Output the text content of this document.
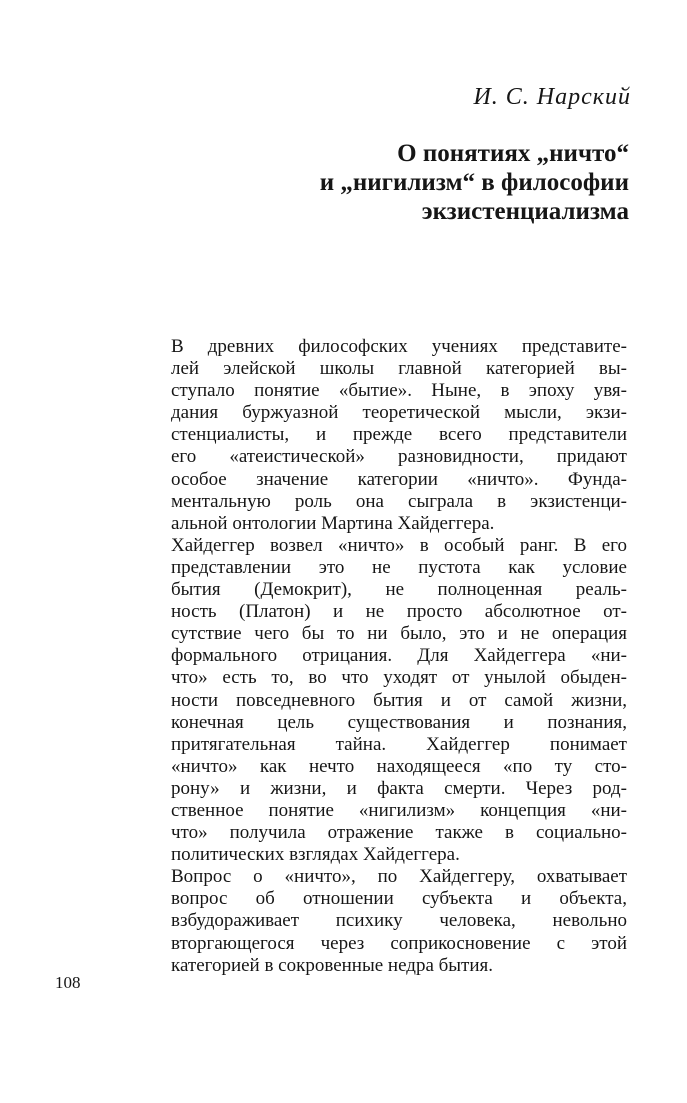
И. С. Нарский
О понятиях „ничто“
и „нигилизм“ в философии
экзистенциализма

В древних философских учениях представите-
лей элейской школы главной категорией вы-
ступало понятие «бытие». Ныне, в эпоху увя-
дания буржуазной теоретической мысли, экзи-
стенциалисты, и прежде всего представители
его «атеистической» разновидности, придают
особое значение категории «ничто». Фунда-
ментальную роль она сыграла в экзистенци-
альной онтологии Мартина Хайдеггера.

Хайдеггер возвел «ничто» в особый ранг. В его
представлении это не пустота как условие
бытия (Демокрит), не полноценная реаль-
ность (Платон) и не просто абсолютное от-
сутствие чего бы то ни было, это и не операция
формального отрицания. Для Хайдеггера «ни-
что» есть то, во что уходят от унылой обыден-
ности повседневного бытия и от самой жизни,
конечная цель существования и познания,
притягательная тайна. Хайдеггер понимает
«ничто» как нечто находящееся «по ту сто-
рону» и жизни, и факта смерти. Через род-
ственное понятие «нигилизм» концепция «ни-
что» получила отражение также в социально-
политических взглядах Хайдеггера.

Вопрос о «ничто», по Хайдеггеру, охватывает
вопрос об отношении субъекта и объекта,
взбудораживает психику человека, невольно
вторгающегося через соприкосновение с этой
категорией в сокровенные недра бытия.

108
